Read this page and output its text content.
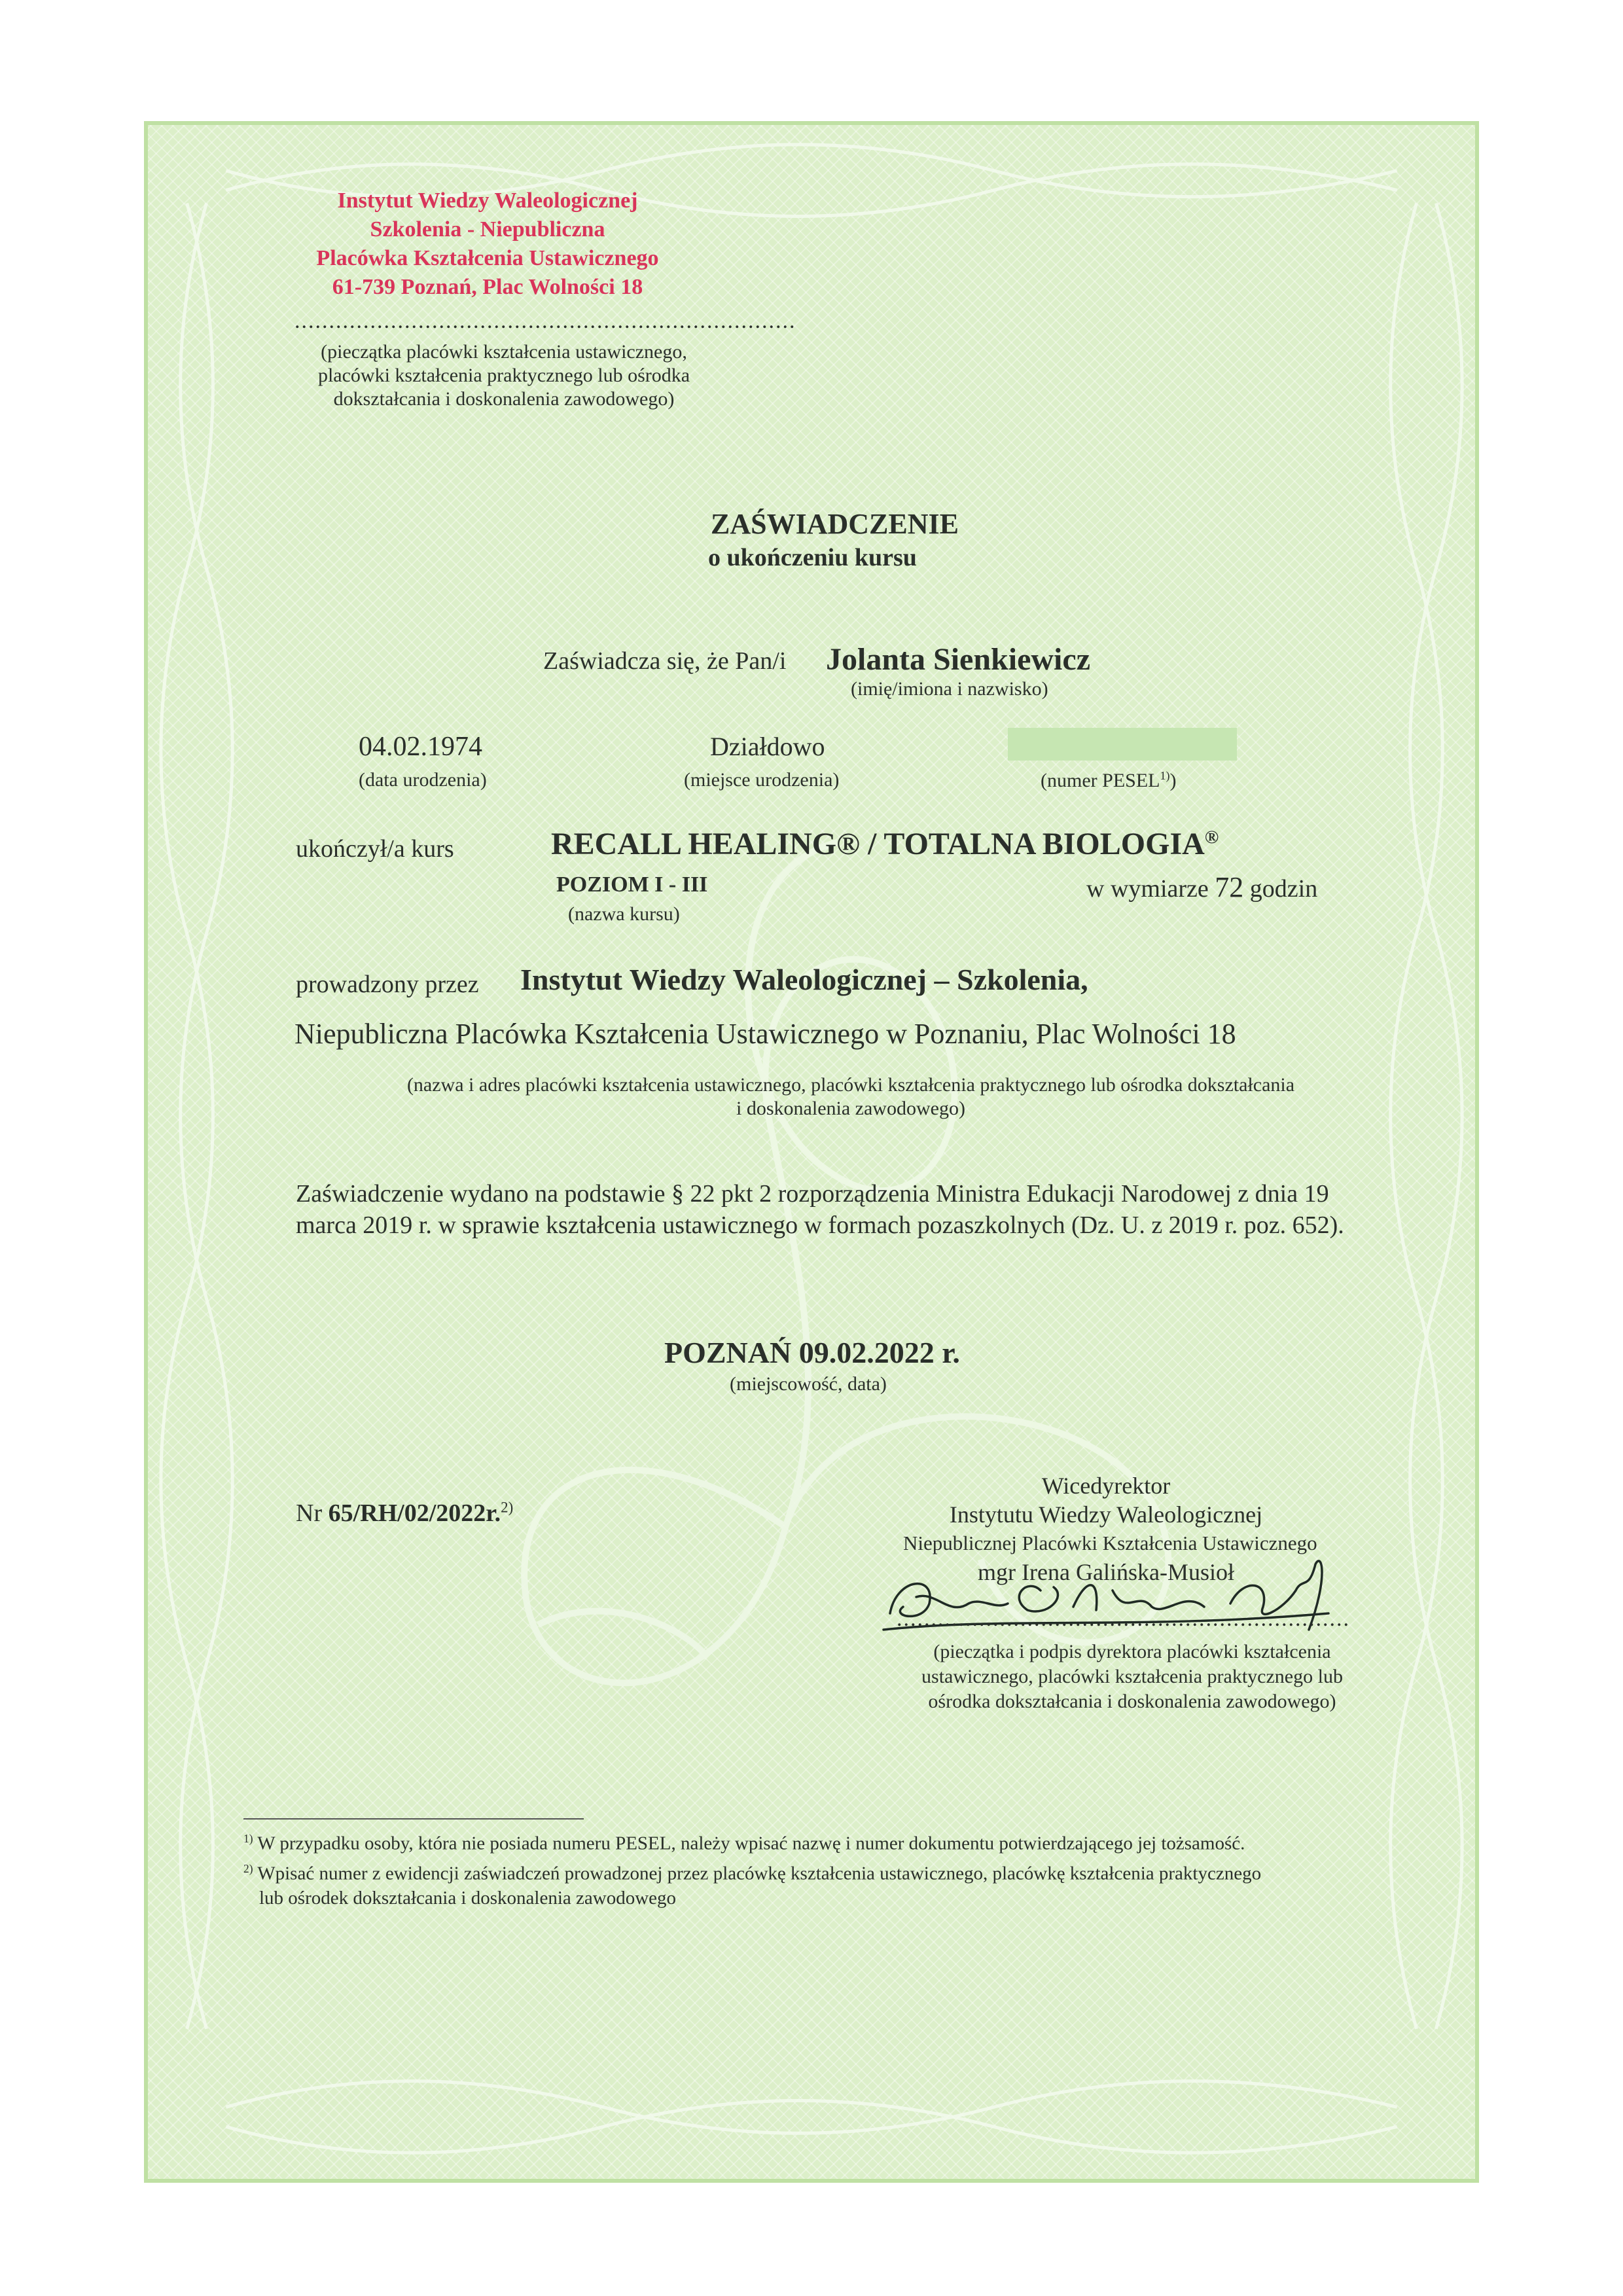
Instytut Wiedzy Waleologicznej
Szkolenia - Niepubliczna
Placówka Kształcenia Ustawicznego
61-739 Poznań, Plac Wolności 18
.........................................................................
(pieczątka placówki kształcenia ustawicznego,
placówki kształcenia praktycznego lub ośrodka
dokształcania i doskonalenia zawodowego)
ZAŚWIADCZENIE
o ukończeniu kursu
Zaświadcza się, że Pan/i Jolanta Sienkiewicz
(imię/imiona i nazwisko)
04.02.1974
(data urodzenia)
Działdowo
(miejsce urodzenia)	(numer PESEL$^{1)}$)
ukończył/a kurs	RECALL HEALING® / TOTALNA BIOLOGIA®
POZIOM I - III
(nazwa kursu)
w wymiarze 72 godzin
prowadzony przez Instytut Wiedzy Waleologicznej – Szkolenia,
Niepubliczna Placówka Kształcenia Ustawicznego w Poznaniu, Plac Wolności 18
(nazwa i adres placówki kształcenia ustawicznego, placówki kształcenia praktycznego lub ośrodka dokształcania
i doskonalenia zawodowego)
Zaświadczenie wydano na podstawie § 22 pkt 2 rozporządzenia Ministra Edukacji Narodowej z dnia 19
marca 2019 r. w sprawie kształcenia ustawicznego w formach pozaszkolnych (Dz. U. z 2019 r. poz. 652).
POZNAŃ 09.02.2022 r.
(miejscowość, data)
Nr 65/RH/02/2022r.$^{2)}$
Wicedyrektor
Instytutu Wiedzy Waleologicznej
Niepublicznej Placówki Kształcenia Ustawicznego
mgr Irena Galińska-Musioł
..................................................................
(pieczątka i podpis dyrektora placówki kształcenia
ustawicznego, placówki kształcenia praktycznego lub
ośrodka dokształcania i doskonalenia zawodowego)
$^{1)}$ W przypadku osoby, która nie posiada numeru PESEL, należy wpisać nazwę i numer dokumentu potwierdzającego jej tożsamość.
$^{2)}$ Wpisać numer z ewidencji zaświadczeń prowadzonej przez placówkę kształcenia ustawicznego, placówkę kształcenia praktycznego
lub ośrodek dokształcania i doskonalenia zawodowego
